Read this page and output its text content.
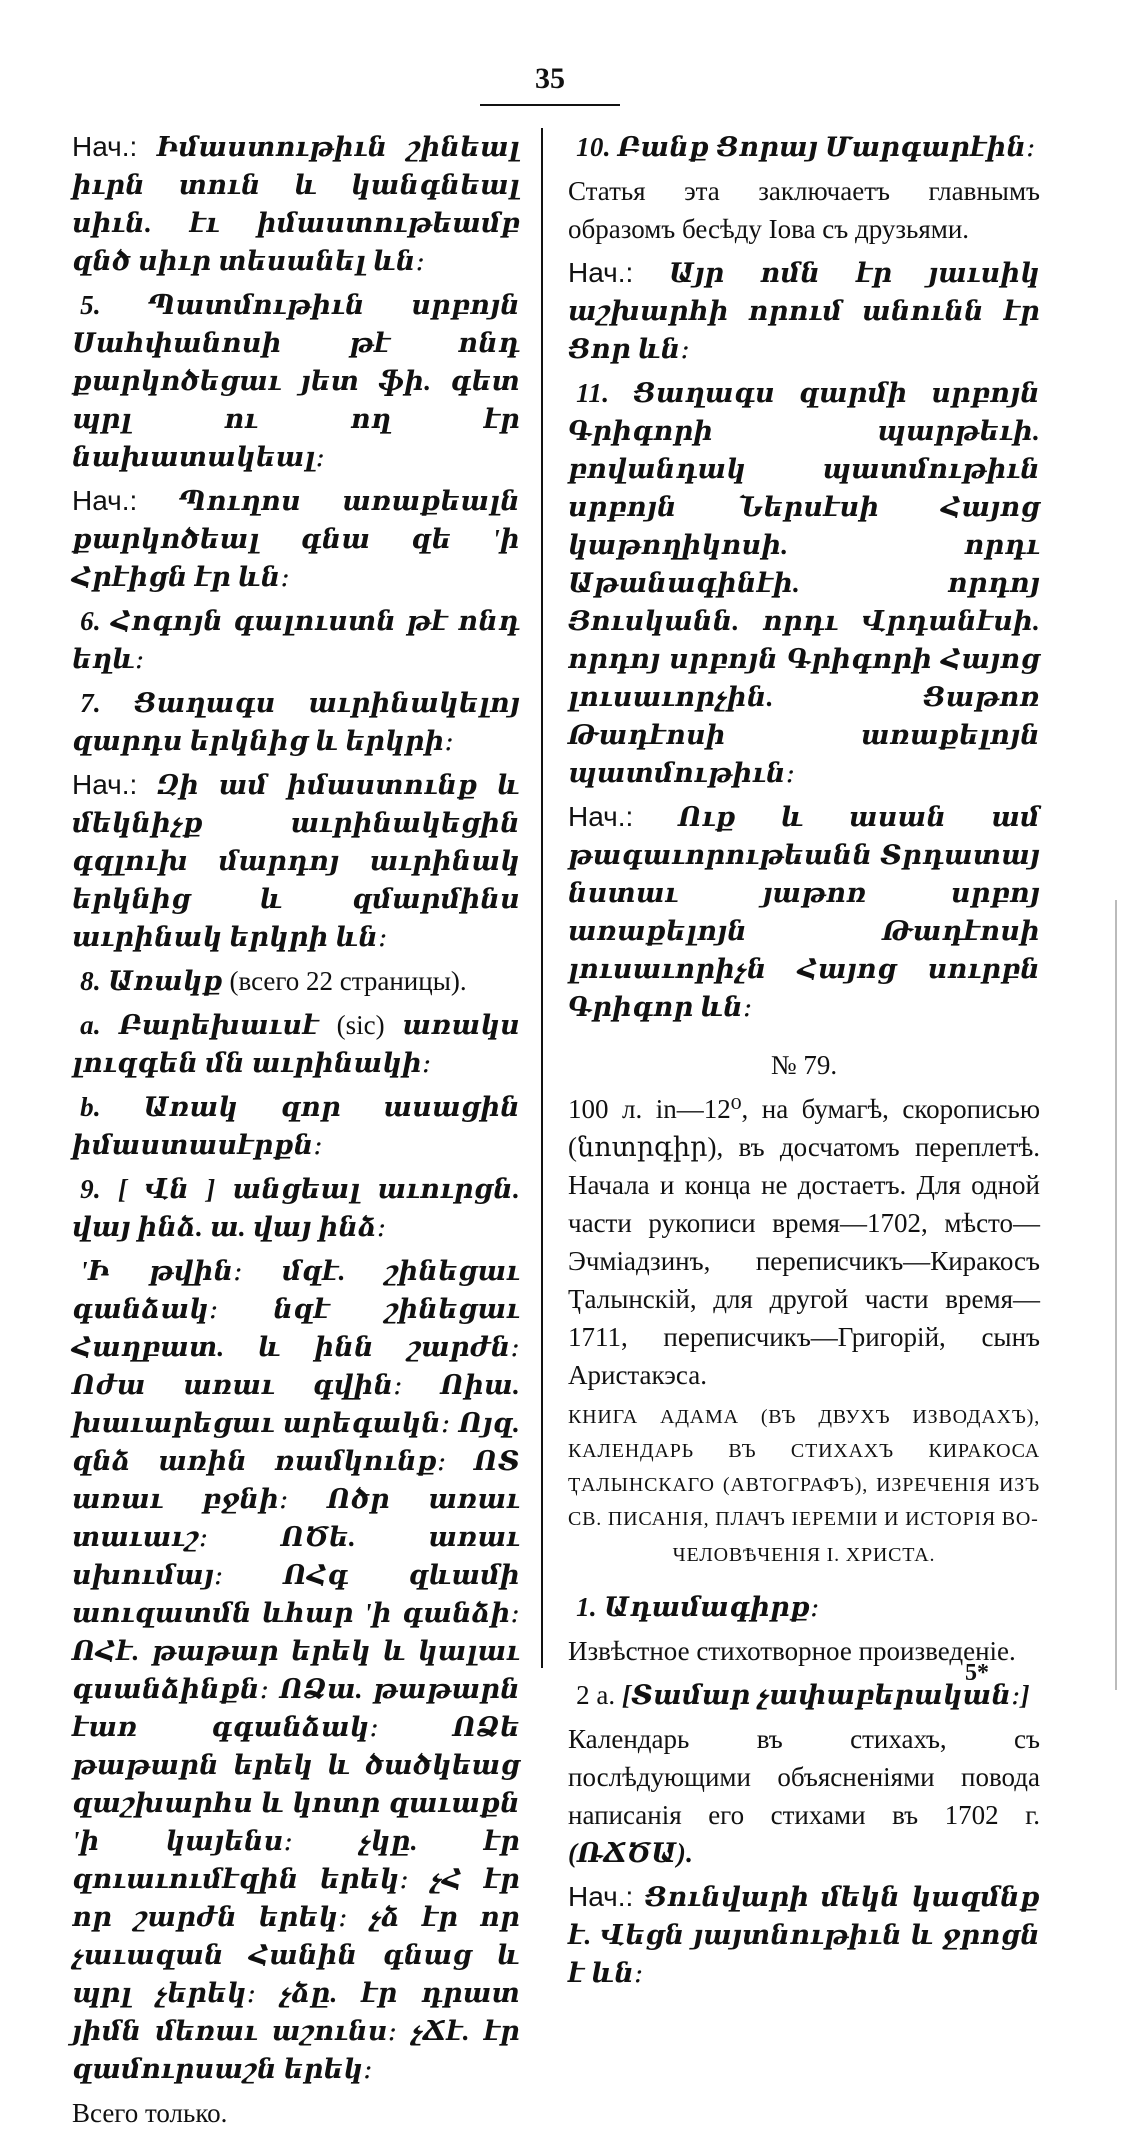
35

Нач.: Իմաստութիւն շինեալ իւրն տուն և կանգնեալ սիւն. էւ իմաստութեամբ զնծ սիւր տեսանել ևն։

5. Պատմութիւն սրբոյն Սահփանոսի թէ ոնդ քարկոծեցաւ յետ ֆի. գետ պրլ ու ող էր նախատակեալ։

Нач.: Պուղոս առաքեալն քարկոծեալ գնա զե 'ի Հրէիցն էր ևն։

6. Հոգոյն գալուստն թէ ոնդ եղև։

7. Ցաղագս աւրինակելոյ զարդս երկնից և երկրի։

Нач.: Զի ամ իմաստունք և մեկնիչք աւրինակեցին գզլուխ մարդոյ աւրինակ երկնից և զմարմինս աւրինակ երկրի ևն։

8. Առակք (всего 22 страницы).

a. Բարեխաւսէ (sic) առակս լուզգեն մն աւրինակի։

b. Առակ զոր ասացին իմաստասէրքն։

9. [ Վն ] անցեալ աւուրցն. վայ ինձ. ա. վայ ինձ։

'Ի թվին։ մզէ. շինեցաւ գանձակ։ նզէ շինեցաւ Հաղբատ. և ինն շարժն։ Ոժա առաւ գվին։ Ոիա. խաւարեցաւ արեգակն։ Ոյզ. զնձ առին ռամկունք։ ՈՏ առաւ բջնի։ Ոծր առաւ տաւաւշ։ ՈԾե. առաւ սխումայ։ ՈՀգ զևամի աուզատմն ևհար 'ի գանձի։ ՈՀէ. թաթար երեկ և կալաւ գսանձինքն։ ՈՁա. թաթարն էառ գգանձակ։ ՈՁե թաթարն երեկ և ծածկեաց զաշխարհս և կոտր զաւաքն 'ի կայենս։ չկը. էր զուաւումէզին երեկ։ չՀ էր որ շարժն երեկ։ չձ էր որ չաւազան Հանին գնաց և պրլ չերեկ։ չձը. էր դրատ յիմն մեռաւ աշունս։ չՃէ. էր զամուրսաշն երեկ։

Всего только.

10. Բանք Ցորայ Մարգարէին։

Статья эта заключаетъ главнымъ образомъ бесѣду Іова съ друзьями.

Нач.: Այր ոմն էր յաւսիկ աշխարհի որում անունն էր Ցոր ևն։

11. Ցաղագս զարմի սրբոյն Գրիգորի պարթեւի. բովանդակ պատմութիւն սրբոյն Ներսէսի Հայոց կաթողիկոսի. որդւ Աթանագինէի. որդոյ Յուսկանն. որդւ Վրդանէսի. որդոյ սրբոյն Գրիգորի Հայոց լուսաւորչին. Ցաթոռ Թադէոսի առաքելոյն պատմութիւն։

Нач.: Ուք և ասան ամ թագաւորութեանն Տրդատայ նստաւ յաթոռ սրբոյ առաքելոյն Թադէոսի լուսաւորիչն Հայոց սուրբն Գրիգոր ևն։

№ 79.

100 л. in—12⁰, на бумагѣ, скорописью (նոտրգիր), въ досчатомъ переплетѣ. Начала и конца не достаетъ. Для одной части рукописи время—1702, мѣсто—Эчміадзинъ, переписчикъ—Киракосъ Ҭалынскій, для другой части время—1711, переписчикъ—Григорій, сынъ Аристакэса.

КНИГА АДАМА (ВЪ ДВУХЪ ИЗВОДАХЪ), КАЛЕНДАРЬ ВЪ СТИХАХЪ КИРАКОСА ҬАЛЫНСКАГО (АВТОГРАФЪ), ИЗРЕЧЕНІЯ ИЗЪ СВ. ПИСАНІЯ, ПЛАЧЪ ІЕРЕМІИ И ИСТОРІЯ ВО-
ЧЕЛОВѢЧЕНІЯ І. ХРИСТА.

1. Ադամագիրք։

Извѣстное стихотворное произведеніе.

2 а. [Տամար չափաբերական։]

Календарь въ стихахъ, съ послѣдующими объясненіями повода написанія его стихами въ 1702 г. (ՌՃԾԱ).

Нач.: Ցունվարի մեկն կազմնք է. Վեցն յայտնութիւն և ջրոցն է ևն։

5*
